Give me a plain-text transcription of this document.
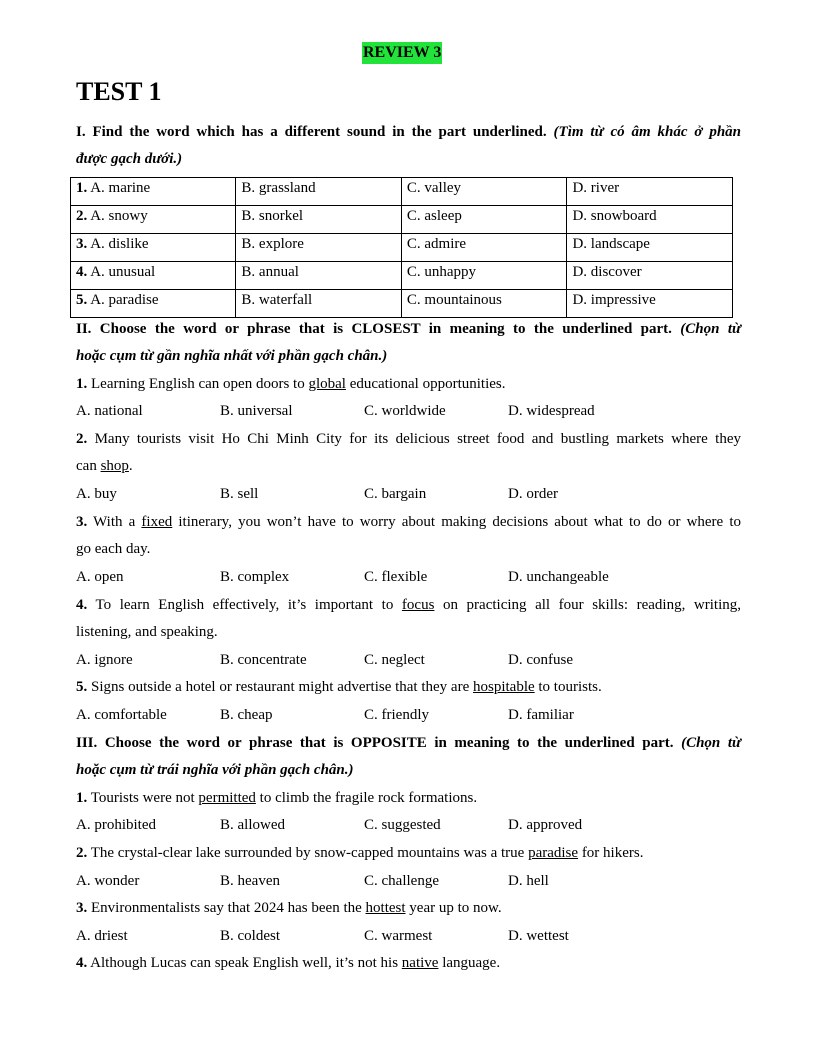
REVIEW 3
TEST 1
I. Find the word which has a different sound in the part underlined. (Tìm từ có âm khác ở phần
được gạch dưới.)
1. A. marine	B. grassland	C. valley	D. river
2. A. snowy	B. snorkel	C. asleep	D. snowboard
3. A. dislike	B. explore	C. admire	D. landscape
4. A. unusual	B. annual	C. unhappy	D. discover
5. A. paradise	B. waterfall	C. mountainous	D. impressive
II. Choose the word or phrase that is CLOSEST in meaning to the underlined part. (Chọn từ
hoặc cụm từ gần nghĩa nhất với phần gạch chân.)
1. Learning English can open doors to global educational opportunities.
A. national	B. universal	C. worldwide	D. widespread
2. Many tourists visit Ho Chi Minh City for its delicious street food and bustling markets where they
can shop.
A. buy	B. sell	C. bargain	D. order
3. With a fixed itinerary, you won’t have to worry about making decisions about what to do or where to
go each day.
A. open	B. complex	C. flexible	D. unchangeable
4. To learn English effectively, it’s important to focus on practicing all four skills: reading, writing,
listening, and speaking.
A. ignore	B. concentrate	C. neglect	D. confuse
5. Signs outside a hotel or restaurant might advertise that they are hospitable to tourists.
A. comfortable	B. cheap	C. friendly	D. familiar
III. Choose the word or phrase that is OPPOSITE in meaning to the underlined part. (Chọn từ
hoặc cụm từ trái nghĩa với phần gạch chân.)
1. Tourists were not permitted to climb the fragile rock formations.
A. prohibited	B. allowed	C. suggested	D. approved
2. The crystal-clear lake surrounded by snow-capped mountains was a true paradise for hikers.
A. wonder	B. heaven	C. challenge	D. hell
3. Environmentalists say that 2024 has been the hottest year up to now.
A. driest	B. coldest	C. warmest	D. wettest
4. Although Lucas can speak English well, it’s not his native language.
